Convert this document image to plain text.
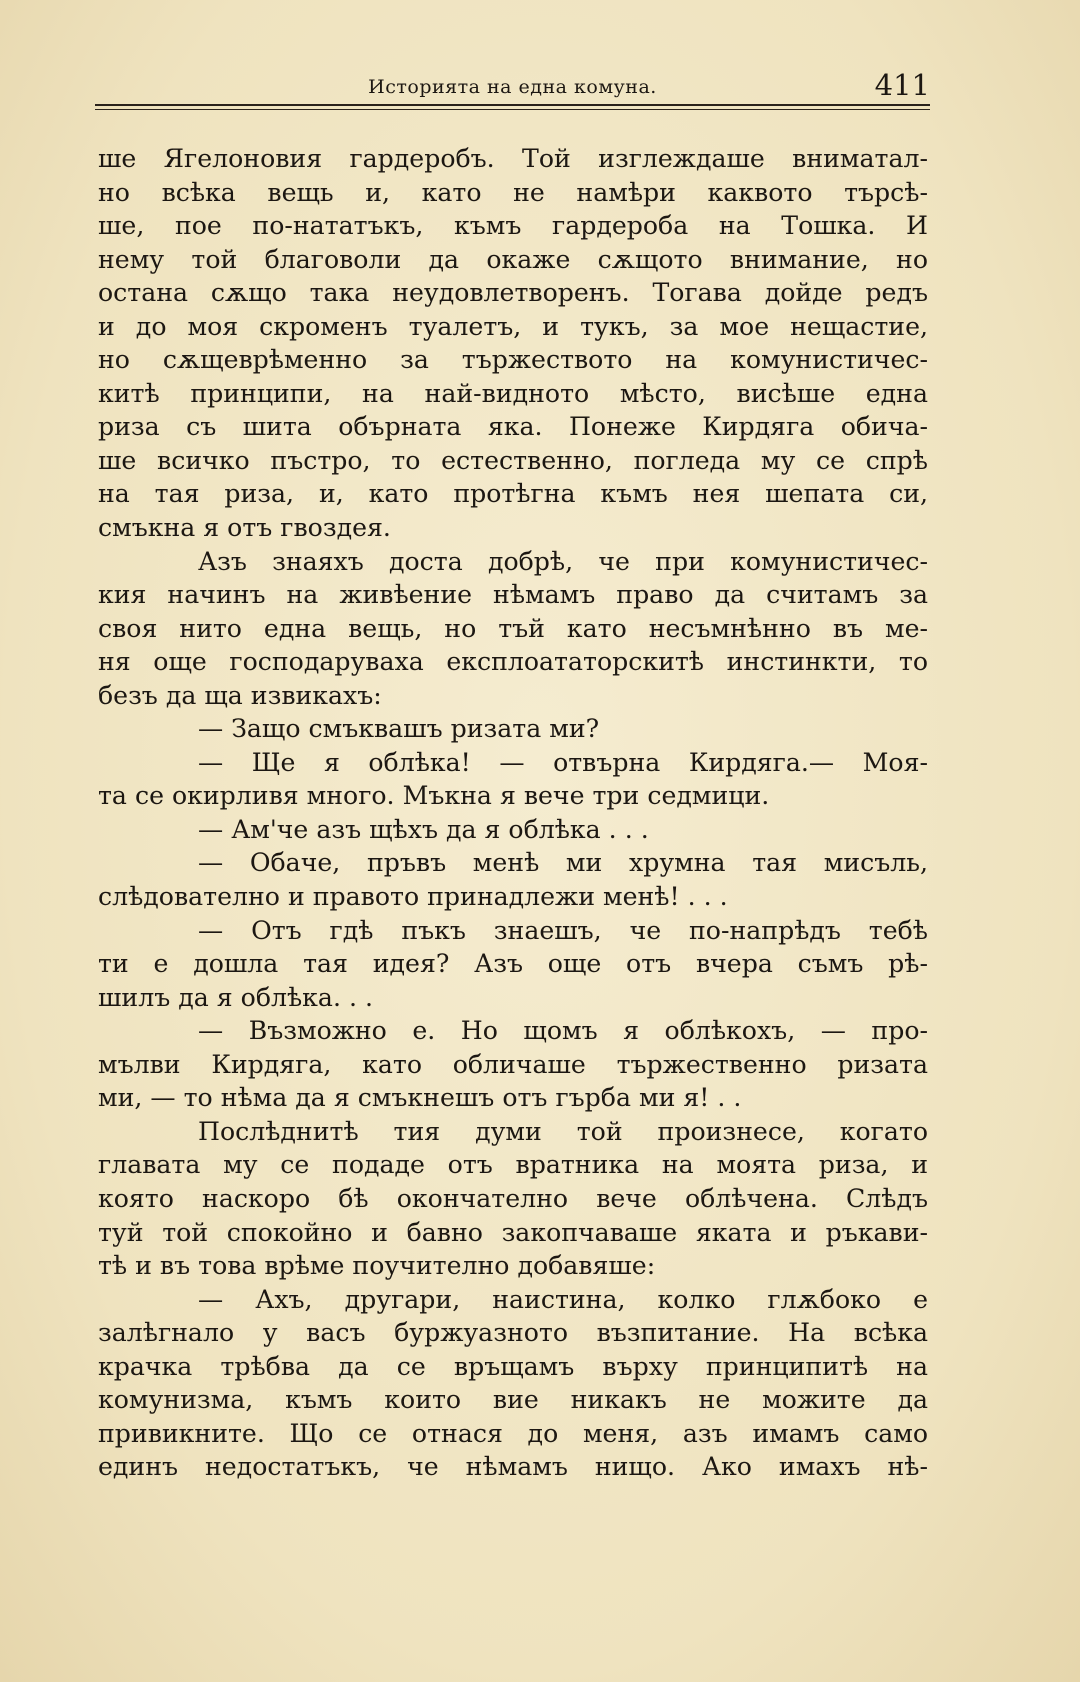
Историята на една комуна.	411
ше Ягелоновия гардеробъ. Той изглеждаше вниматал-
но всѣка вещь и, като не намѣри каквото търсѣ-
ше, пое по-нататъкъ, къмъ гардероба на Тошка. И
нему той благоволи да окаже сѫщото внимание, но
остана сѫщо така неудовлетворенъ. Тогава дойде редъ
и до моя скроменъ туалетъ, и тукъ, за мое нещастие,
но сѫщеврѣменно за тържеството на комунистичес-
китѣ принципи, на най-видното мѣсто, висѣше една
риза съ шита обърната яка. Понеже Кирдяга обича-
ше всичко пъстро, то естественно, погледа му се спрѣ
на тая риза, и, като протѣгна къмъ нея шепата си,
смъкна я отъ гвоздея.
Азъ знаяхъ доста добрѣ, че при комунистичес-
кия начинъ на живѣение нѣмамъ право да считамъ за
своя нито една вещь, но тъй като несъмнѣнно въ ме-
ня още господаруваха експлоататорскитѣ инстинкти, то
безъ да ща извикахъ:
— Защо смъквашъ ризата ми?
— Ще я облѣка! — отвърна Кирдяга.— Моя-
та се окирливя много. Мъкна я вече три седмици.
— Ам'че азъ щѣхъ да я облѣка . . .
— Обаче, пръвъ менѣ ми хрумна тая мисъль,
слѣдователно и правото принадлежи менѣ! . . .
— Отъ гдѣ пъкъ знаешъ, че по-напрѣдъ тебѣ
ти е дошла тая идея? Азъ още отъ вчера съмъ рѣ-
шилъ да я облѣка. . .
— Възможно е. Но щомъ я облѣкохъ, — про-
мълви Кирдяга, като обличаше тържественно ризата
ми, — то нѣма да я смъкнешъ отъ гърба ми я! . .
Послѣднитѣ тия думи той произнесе, когато
главата му се подаде отъ вратника на моята риза, и
която наскоро бѣ окончателно вече облѣчена. Слѣдъ
туй той спокойно и бавно закопчаваше яката и ръкави-
тѣ и въ това врѣме поучително добавяше:
— Ахъ, другари, наистина, колко глѫбоко е
залѣгнало у васъ буржуазното възпитание. На всѣка
крачка трѣбва да се връщамъ върху принципитѣ на
комунизма, къмъ които вие никакъ не можите да
привикните. Що се отнася до меня, азъ имамъ само
единъ недостатъкъ, че нѣмамъ нищо. Ако имахъ нѣ-
